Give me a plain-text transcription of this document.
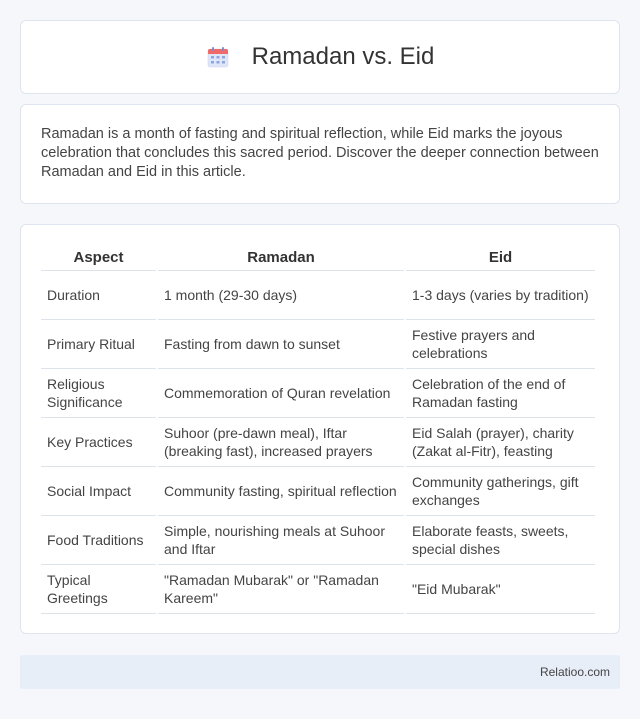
Ramadan vs. Eid

Ramadan is a month of fasting and spiritual reflection, while Eid marks the joyous celebration that concludes this sacred period. Discover the deeper connection between Ramadan and Eid in this article.

Aspect	Ramadan	Eid
Duration	1 month (29-30 days)	1-3 days (varies by tradition)
Primary Ritual	Fasting from dawn to sunset	Festive prayers and celebrations
Religious Significance	Commemoration of Quran revelation	Celebration of the end of Ramadan fasting
Key Practices	Suhoor (pre-dawn meal), Iftar (breaking fast), increased prayers	Eid Salah (prayer), charity (Zakat al-Fitr), feasting
Social Impact	Community fasting, spiritual reflection	Community gatherings, gift exchanges
Food Traditions	Simple, nourishing meals at Suhoor and Iftar	Elaborate feasts, sweets, special dishes
Typical Greetings	"Ramadan Mubarak" or "Ramadan Kareem"	"Eid Mubarak"
Relatioo.com
